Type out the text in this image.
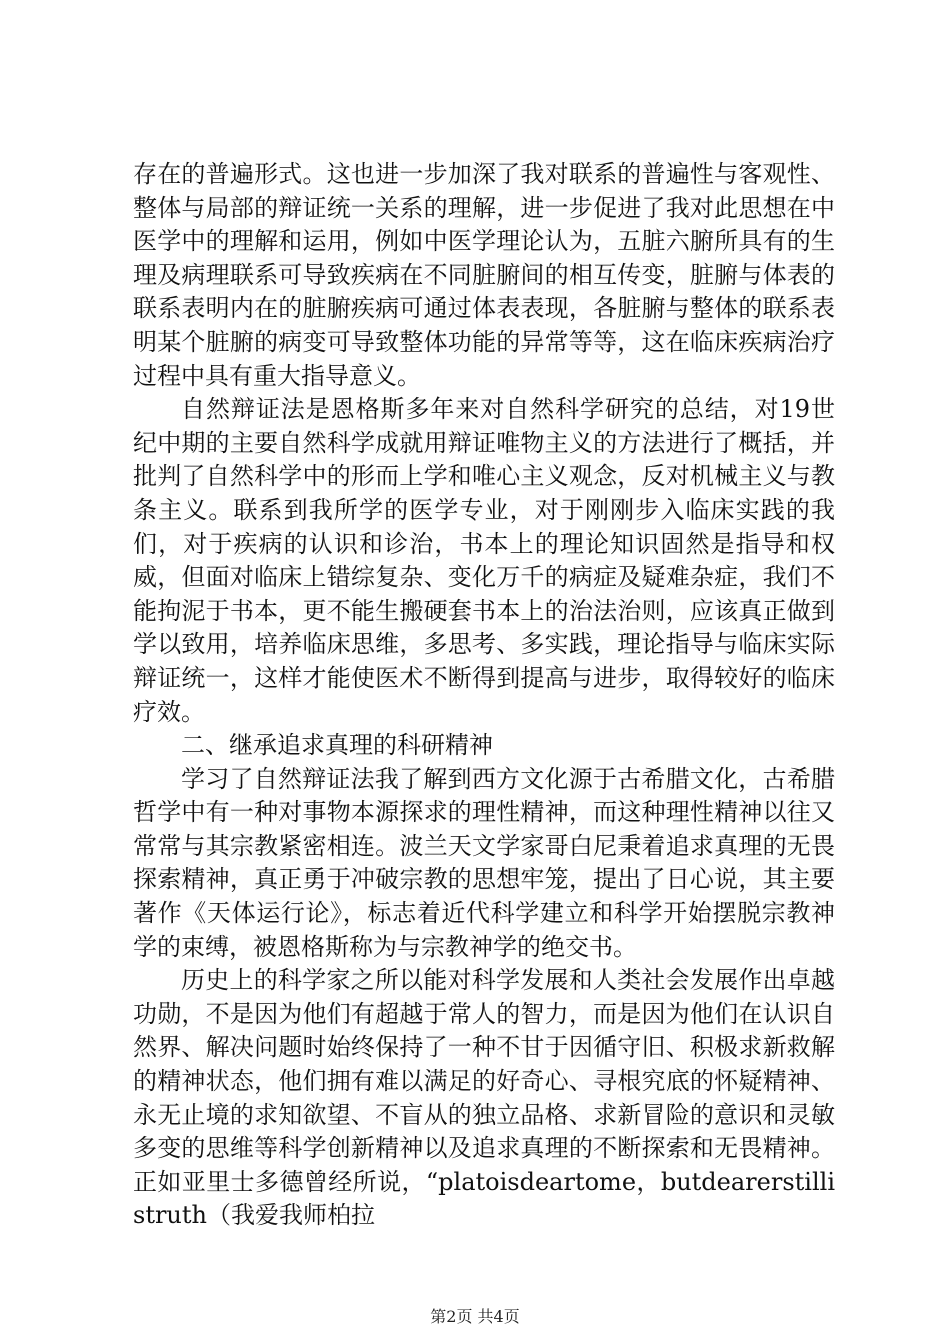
存在的普遍形式。这也进一步加深了我对联系的普遍性与客观性、整体与局部的辩证统一关系的理解，进一步促进了我对此思想在中医学中的理解和运用，例如中医学理论认为，五脏六腑所具有的生理及病理联系可导致疾病在不同脏腑间的相互传变，脏腑与体表的联系表明内在的脏腑疾病可通过体表表现，各脏腑与整体的联系表明某个脏腑的病变可导致整体功能的异常等等，这在临床疾病治疗过程中具有重大指导意义。

自然辩证法是恩格斯多年来对自然科学研究的总结，对19世纪中期的主要自然科学成就用辩证唯物主义的方法进行了概括，并批判了自然科学中的形而上学和唯心主义观念，反对机械主义与教条主义。联系到我所学的医学专业，对于刚刚步入临床实践的我们，对于疾病的认识和诊治，书本上的理论知识固然是指导和权威，但面对临床上错综复杂、变化万千的病症及疑难杂症，我们不能拘泥于书本，更不能生搬硬套书本上的治法治则，应该真正做到学以致用，培养临床思维，多思考、多实践，理论指导与临床实际辩证统一，这样才能使医术不断得到提高与进步，取得较好的临床疗效。

二、继承追求真理的科研精神

学习了自然辩证法我了解到西方文化源于古希腊文化，古希腊哲学中有一种对事物本源探求的理性精神，而这种理性精神以往又常常与其宗教紧密相连。波兰天文学家哥白尼秉着追求真理的无畏探索精神，真正勇于冲破宗教的思想牢笼，提出了日心说，其主要著作《天体运行论》，标志着近代科学建立和科学开始摆脱宗教神学的束缚，被恩格斯称为与宗教神学的绝交书。

历史上的科学家之所以能对科学发展和人类社会发展作出卓越功勋，不是因为他们有超越于常人的智力，而是因为他们在认识自然界、解决问题时始终保持了一种不甘于因循守旧、积极求新救解的精神状态，他们拥有难以满足的好奇心、寻根究底的怀疑精神、永无止境的求知欲望、不盲从的独立品格、求新冒险的意识和灵敏多变的思维等科学创新精神以及追求真理的不断探索和无畏精神。正如亚里士多德曾经所说，“platoisdeartome，butdearerstillistruth（我爱我师柏拉

第2页 共4页
